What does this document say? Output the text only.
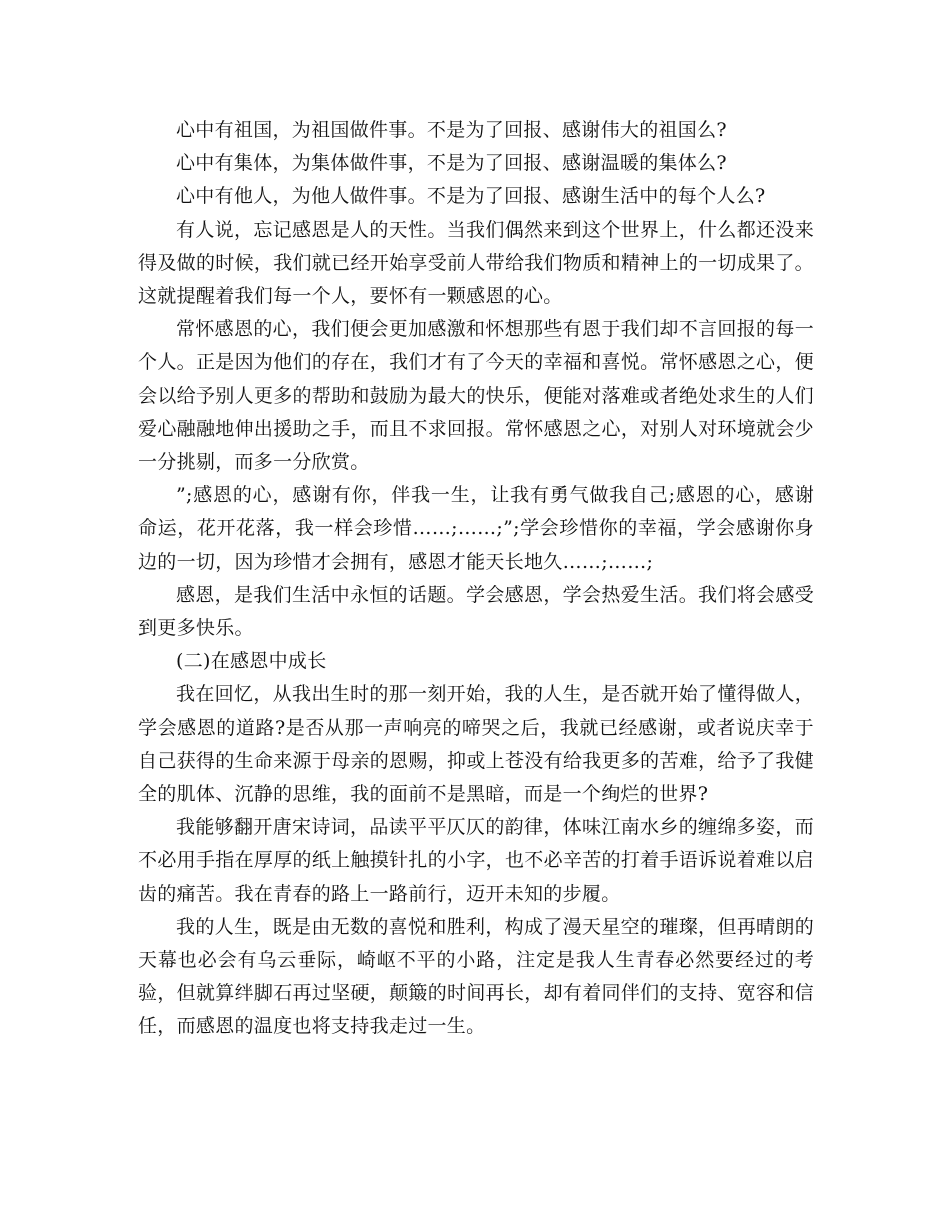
心中有祖国，为祖国做件事。不是为了回报、感谢伟大的祖国么?

心中有集体，为集体做件事，不是为了回报、感谢温暖的集体么?

心中有他人，为他人做件事。不是为了回报、感谢生活中的每个人么?

有人说，忘记感恩是人的天性。当我们偶然来到这个世界上，什么都还没来得及做的时候，我们就已经开始享受前人带给我们物质和精神上的一切成果了。这就提醒着我们每一个人，要怀有一颗感恩的心。

常怀感恩的心，我们便会更加感激和怀想那些有恩于我们却不言回报的每一个人。正是因为他们的存在，我们才有了今天的幸福和喜悦。常怀感恩之心，便会以给予别人更多的帮助和鼓励为最大的快乐，便能对落难或者绝处求生的人们爱心融融地伸出援助之手，而且不求回报。常怀感恩之心，对别人对环境就会少一分挑剔，而多一分欣赏。

”;感恩的心，感谢有你，伴我一生，让我有勇气做我自己;感恩的心，感谢命运，花开花落，我一样会珍惜……;……;”;学会珍惜你的幸福，学会感谢你身边的一切，因为珍惜才会拥有，感恩才能天长地久……;……;

感恩，是我们生活中永恒的话题。学会感恩，学会热爱生活。我们将会感受到更多快乐。

(二)在感恩中成长

我在回忆，从我出生时的那一刻开始，我的人生，是否就开始了懂得做人，学会感恩的道路?是否从那一声响亮的啼哭之后，我就已经感谢，或者说庆幸于自己获得的生命来源于母亲的恩赐，抑或上苍没有给我更多的苦难，给予了我健全的肌体、沉静的思维，我的面前不是黑暗，而是一个绚烂的世界?

我能够翻开唐宋诗词，品读平平仄仄的韵律，体味江南水乡的缠绵多姿，而不必用手指在厚厚的纸上触摸针扎的小字，也不必辛苦的打着手语诉说着难以启齿的痛苦。我在青春的路上一路前行，迈开未知的步履。

我的人生，既是由无数的喜悦和胜利，构成了漫天星空的璀璨，但再晴朗的天幕也必会有乌云垂际，崎岖不平的小路，注定是我人生青春必然要经过的考验，但就算绊脚石再过坚硬，颠簸的时间再长，却有着同伴们的支持、宽容和信任，而感恩的温度也将支持我走过一生。
